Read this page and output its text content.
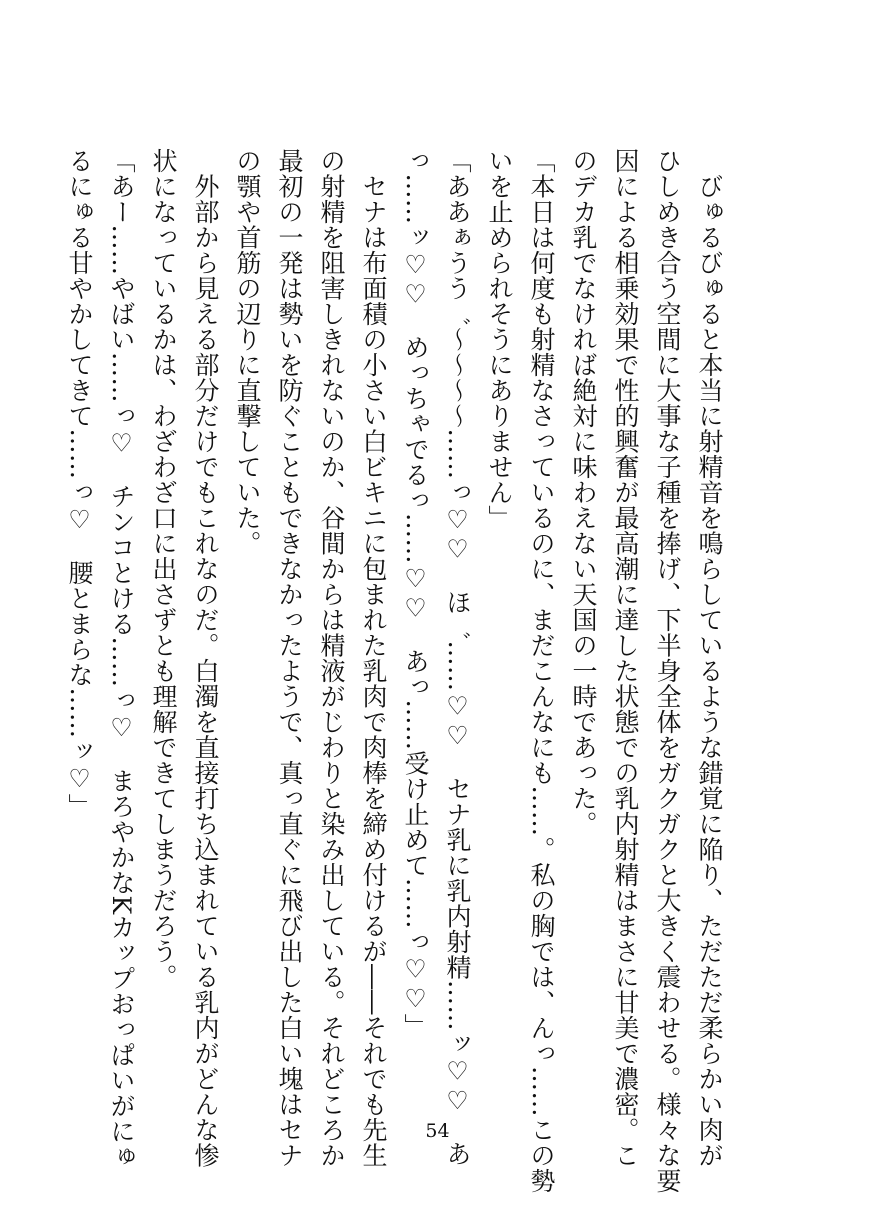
　びゅるびゅると本当に射精音を鳴らしているような錯覚に陥り、ただただ柔らかい肉が
ひしめき合う空間に大事な子種を捧げ、下半身全体をガクガクと大きく震わせる。様々な要
因による相乗効果で性的興奮が最高潮に達した状態での乳内射精はまさに甘美で濃密。こ
のデカ乳でなければ絶対に味わえない天国の一時であった。
「本日は何度も射精なさっているのに、まだこんなにも……。私の胸では、んっ……この勢
いを止められそうにありません」
「ああぁうう゛〜〜〜〜……っ♡♡　ほ゛……♡♡　セナ乳に乳内射精……ッ♡♡　あ
っ……ッ♡♡　めっちゃでるっ……♡♡　あっ……受け止めて……っ♡♡」
　セナは布面積の小さい白ビキニに包まれた乳肉で肉棒を締め付けるが――それでも先生
の射精を阻害しきれないのか、谷間からは精液がじわりと染み出している。それどころか
最初の一発は勢いを防ぐこともできなかったようで、真っ直ぐに飛び出した白い塊はセナ
の顎や首筋の辺りに直撃していた。
　外部から見える部分だけでもこれなのだ。白濁を直接打ち込まれている乳内がどんな惨
状になっているかは、わざわざ口に出さずとも理解できてしまうだろう。
「あー……やばい……っ♡　チンコとける……っ♡　まろやかなKカップおっぱいがにゅ
るにゅる甘やかしてきて……っ♡　腰とまらな……ッ♡」
54
